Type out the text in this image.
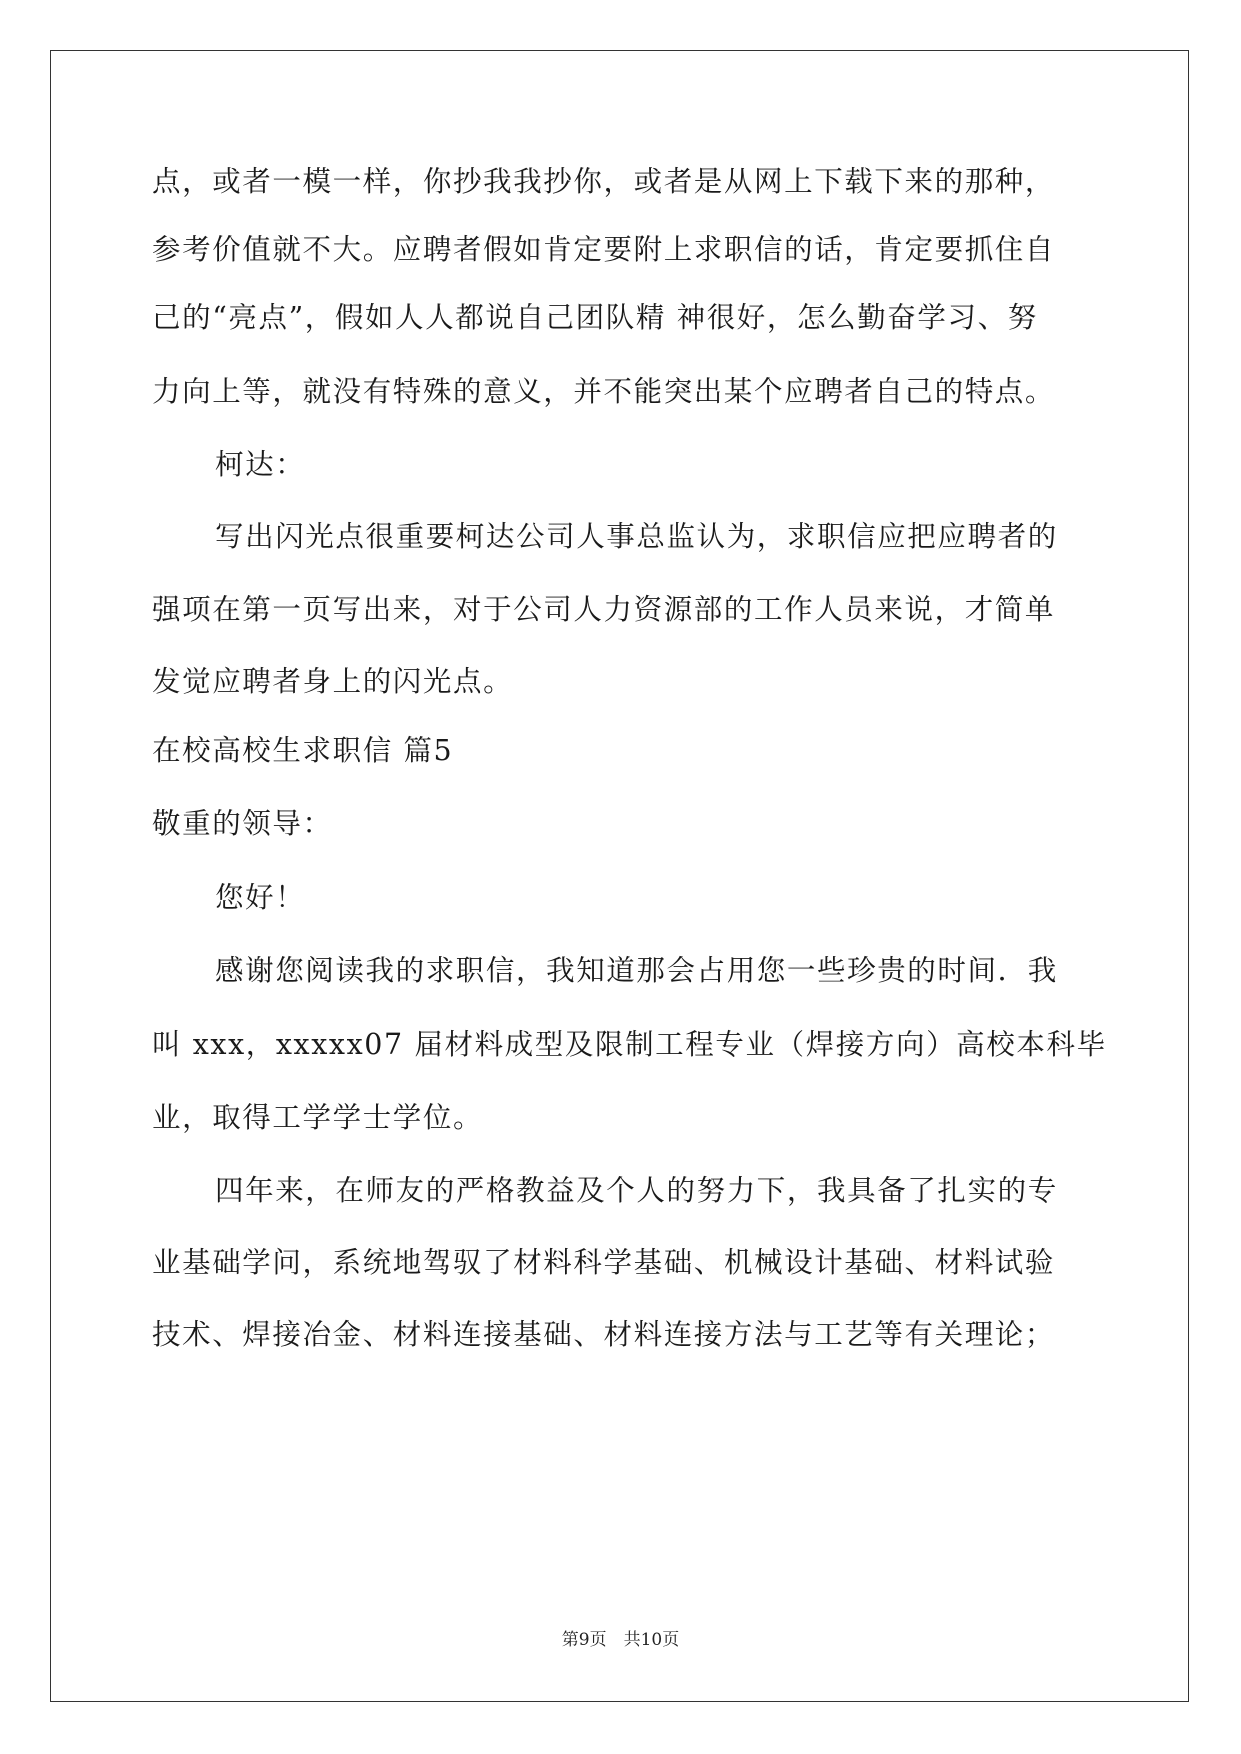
点，或者一模一样，你抄我我抄你，或者是从网上下载下来的那种，
参考价值就不大。应聘者假如肯定要附上求职信的话，肯定要抓住自
己的“亮点”，假如人人都说自己团队精 神很好，怎么勤奋学习、努
力向上等，就没有特殊的意义，并不能突出某个应聘者自己的特点。
柯达：
写出闪光点很重要柯达公司人事总监认为，求职信应把应聘者的
强项在第一页写出来，对于公司人力资源部的工作人员来说，才简单
发觉应聘者身上的闪光点。
在校高校生求职信 篇5
敬重的领导：
您好！
感谢您阅读我的求职信，我知道那会占用您一些珍贵的时间．我
叫 xxx，xxxxx07 届材料成型及限制工程专业（焊接方向）高校本科毕
业，取得工学学士学位。
四年来，在师友的严格教益及个人的努力下，我具备了扎实的专
业基础学问，系统地驾驭了材料科学基础、机械设计基础、材料试验
技术、焊接冶金、材料连接基础、材料连接方法与工艺等有关理论；
第9页　共10页
